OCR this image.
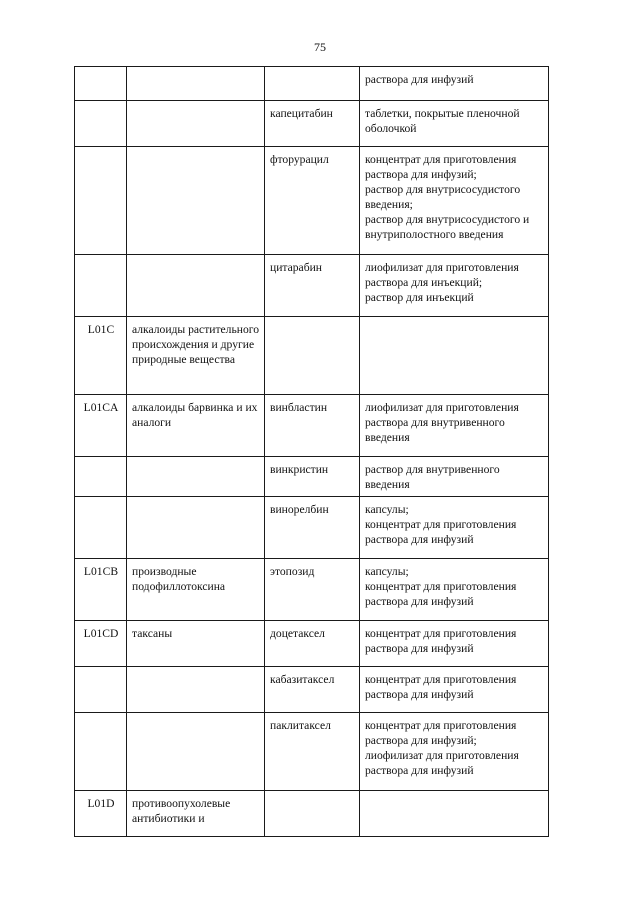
75
			раствора для инфузий
		капецитабин	таблетки, покрытые пленочной оболочкой
		фторурацил	концентрат для приготовления раствора для инфузий;
раствор для внутрисосудистого введения;
раствор для внутрисосудистого и внутриполостного введения
		цитарабин	лиофилизат для приготовления раствора для инъекций;
раствор для инъекций
L01C	алкалоиды растительного происхождения и другие природные вещества		
L01CA	алкалоиды барвинка и их аналоги	винбластин	лиофилизат для приготовления раствора для внутривенного введения
		винкристин	раствор для внутривенного введения
		винорелбин	капсулы;
концентрат для приготовления раствора для инфузий
L01CB	производные подофиллотоксина	этопозид	капсулы;
концентрат для приготовления раствора для инфузий
L01CD	таксаны	доцетаксел	концентрат для приготовления раствора для инфузий
		кабазитаксел	концентрат для приготовления раствора для инфузий
		паклитаксел	концентрат для приготовления раствора для инфузий;
лиофилизат для приготовления раствора для инфузий
L01D	противоопухолевые антибиотики и		
